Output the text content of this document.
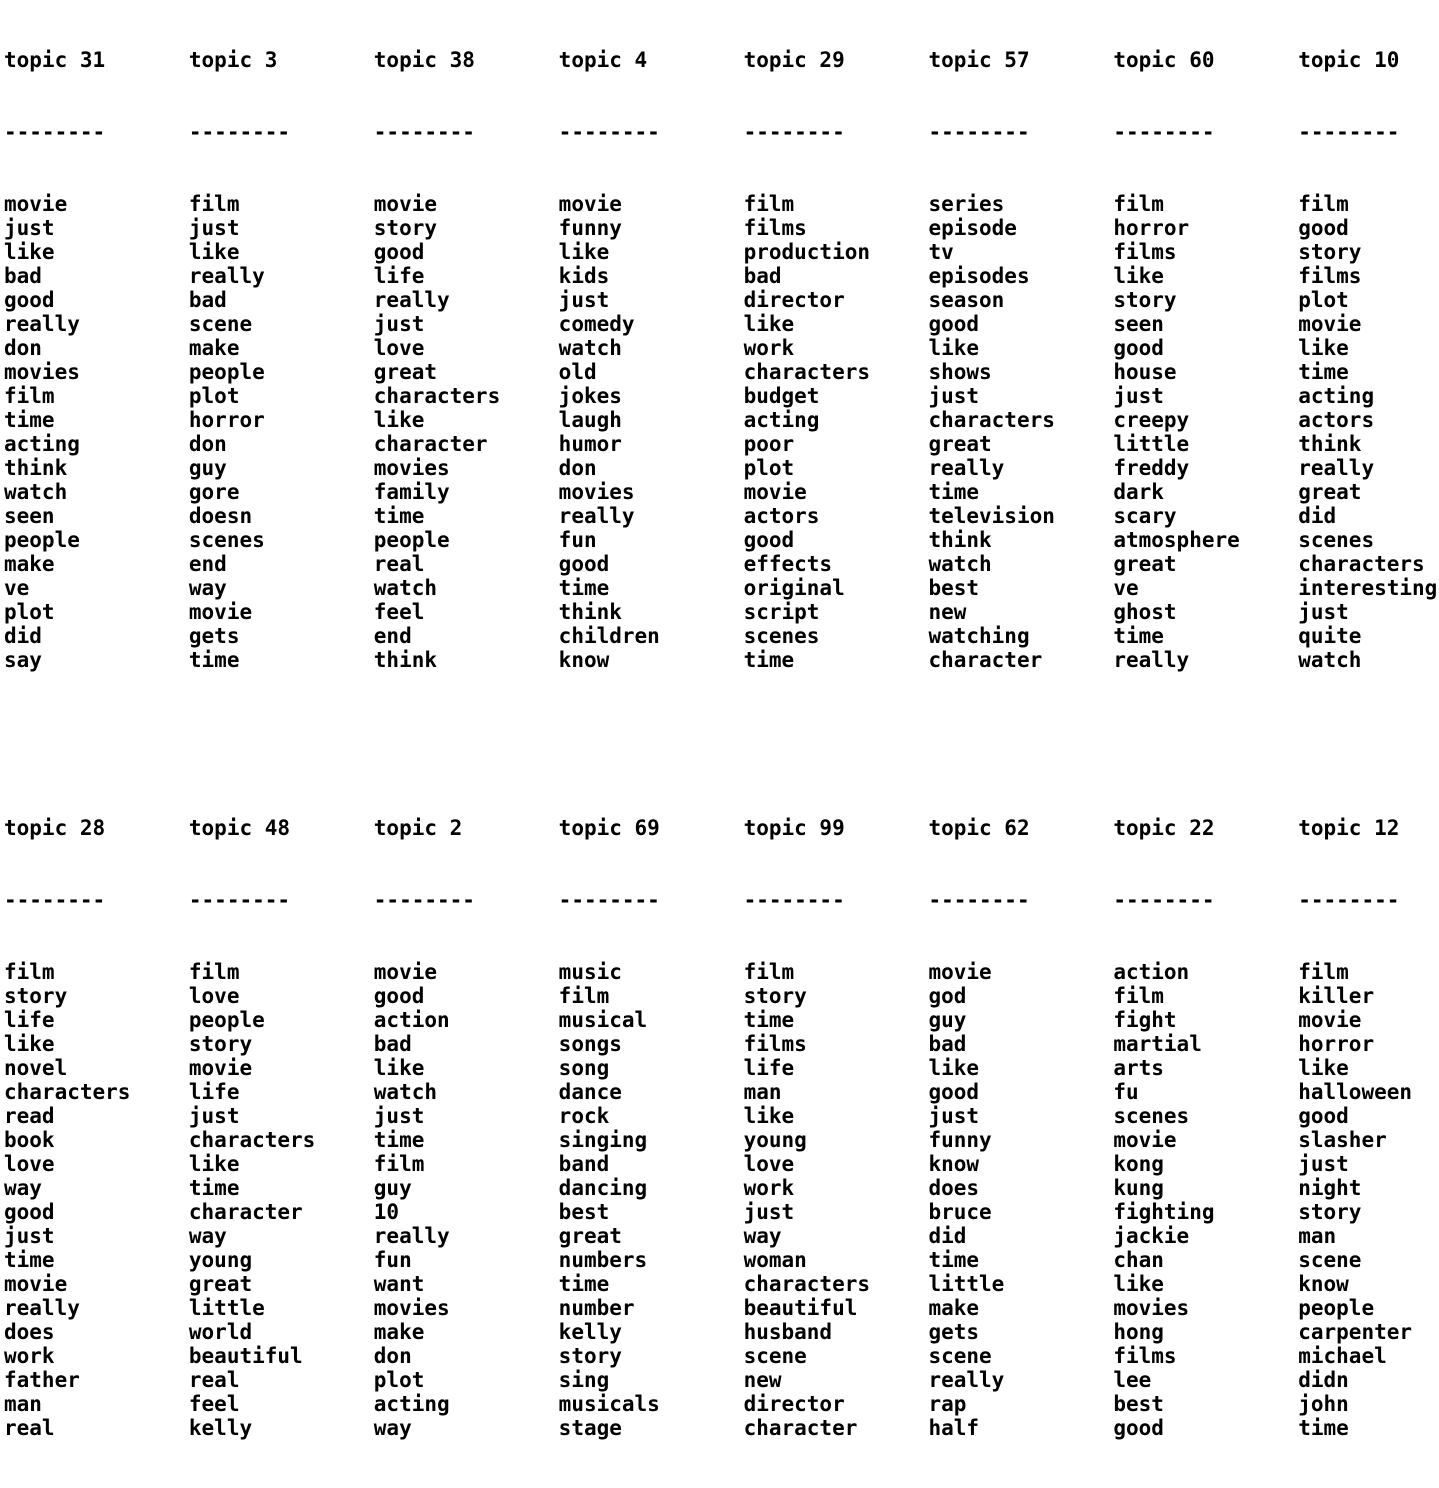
topic 31

--------

movie
just
like
bad
good
really
don
movies
film
time
acting
think
watch
seen
people
make
ve
plot
did
say

topic 3

--------

film
just
like
really
bad
scene
make
people
plot
horror
don
guy
gore
doesn
scenes
end
way
movie
gets
time

topic 38

--------

movie
story
good
life
really
just
love
great
characters
like
character
movies
family
time
people
real
watch
feel
end
think

topic 4

--------

movie
funny
like
kids
just
comedy
watch
old
jokes
laugh
humor
don
movies
really
fun
good
time
think
children
know

topic 29

--------

film
films
production
bad
director
like
work
characters
budget
acting
poor
plot
movie
actors
good
effects
original
script
scenes
time

topic 57

--------

series
episode
tv
episodes
season
good
like
shows
just
characters
great
really
time
television
think
watch
best
new
watching
character

topic 60

--------

film
horror
films
like
story
seen
good
house
just
creepy
little
freddy
dark
scary
atmosphere
great
ve
ghost
time
really

topic 10

--------

film
good
story
films
plot
movie
like
time
acting
actors
think
really
great
did
scenes
characters
interesting
just
quite
watch

topic 28

--------

film
story
life
like
novel
characters
read
book
love
way
good
just
time
movie
really
does
work
father
man
real

topic 48

--------

film
love
people
story
movie
life
just
characters
like
time
character
way
young
great
little
world
beautiful
real
feel
kelly

topic 2

--------

movie
good
action
bad
like
watch
just
time
film
guy
10
really
fun
want
movies
make
don
plot
acting
way

topic 69

--------

music
film
musical
songs
song
dance
rock
singing
band
dancing
best
great
numbers
time
number
kelly
story
sing
musicals
stage

topic 99

--------

film
story
time
films
life
man
like
young
love
work
just
way
woman
characters
beautiful
husband
scene
new
director
character

topic 62

--------

movie
god
guy
bad
like
good
just
funny
know
does
bruce
did
time
little
make
gets
scene
really
rap
half

topic 22

--------

action
film
fight
martial
arts
fu
scenes
movie
kong
kung
fighting
jackie
chan
like
movies
hong
films
lee
best
good

topic 12

--------

film
killer
movie
horror
like
halloween
good
slasher
just
night
story
man
scene
know
people
carpenter
michael
didn
john
time
